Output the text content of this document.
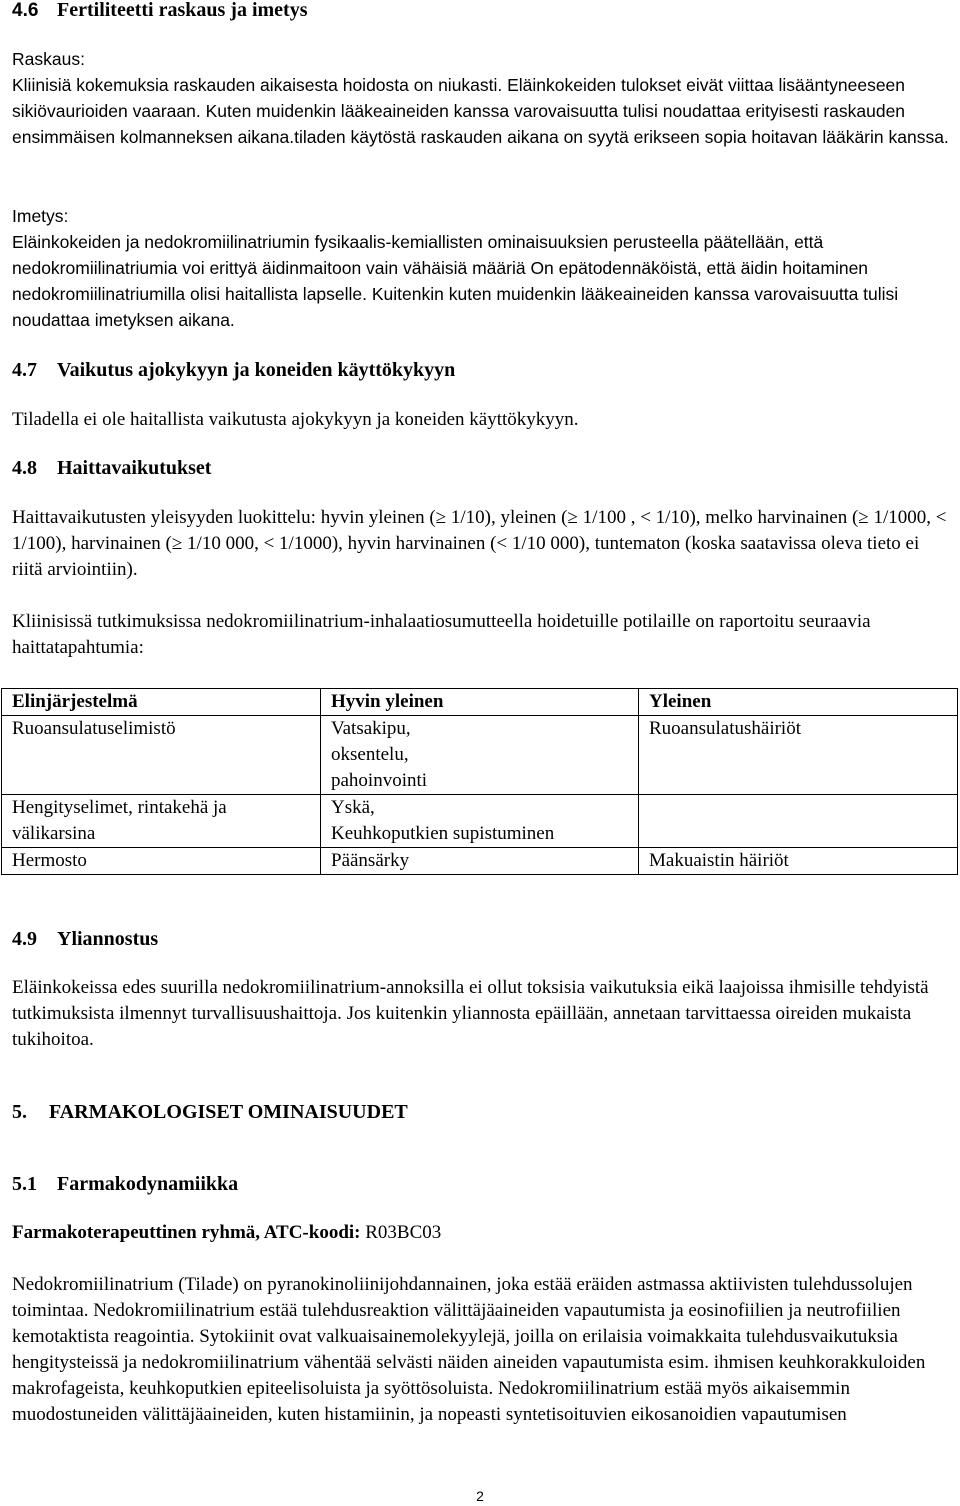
4.6 Fertiliteetti raskaus ja imetys

Raskaus:

Kliinisiä kokemuksia raskauden aikaisesta hoidosta on niukasti. Eläinkokeiden tulokset eivät viittaa lisääntyneeseen sikiövaurioiden vaaraan. Kuten muidenkin lääkeaineiden kanssa varovaisuutta tulisi noudattaa erityisesti raskauden ensimmäisen kolmanneksen aikana.tiladen käytöstä raskauden aikana on syytä erikseen sopia hoitavan lääkärin kanssa.

Imetys:

Eläinkokeiden ja nedokromiilinatriumin fysikaalis-kemiallisten ominaisuuksien perusteella päätellään, että nedokromiilinatriumia voi erittyä äidinmaitoon vain vähäisiä määriä On epätodennäköistä, että äidin hoitaminen nedokromiilinatriumilla olisi haitallista lapselle. Kuitenkin kuten muidenkin lääkeaineiden kanssa varovaisuutta tulisi noudattaa imetyksen aikana.

4.7 Vaikutus ajokykyyn ja koneiden käyttökykyyn

Tiladella ei ole haitallista vaikutusta ajokykyyn ja koneiden käyttökykyyn.

4.8 Haittavaikutukset

Haittavaikutusten yleisyyden luokittelu: hyvin yleinen (≥ 1/10), yleinen (≥ 1/100 , < 1/10), melko harvinainen (≥ 1/1000, < 1/100), harvinainen (≥ 1/10 000, < 1/1000), hyvin harvinainen (< 1/10 000), tuntematon (koska saatavissa oleva tieto ei riitä arviointiin).

Kliinisissä tutkimuksissa nedokromiilinatrium-inhalaatiosumutteella hoidetuille potilaille on raportoitu seuraavia haittatapahtumia:

Elinjärjestelmä	Hyvin yleinen	Yleinen
Ruoansulatuselimistö	Vatsakipu,
oksentelu,
pahoinvointi	Ruoansulatushäiriöt
Hengityselimet, rintakehä ja välikarsina	Yskä,
Keuhkoputkien supistuminen	
Hermosto	Päänsärky	Makuaistin häiriöt
4.9 Yliannostus

Eläinkokeissa edes suurilla nedokromiilinatrium-annoksilla ei ollut toksisia vaikutuksia eikä laajoissa ihmisille tehdyistä tutkimuksista ilmennyt turvallisuushaittoja. Jos kuitenkin yliannosta epäillään, annetaan tarvittaessa oireiden mukaista tukihoitoa.

5. FARMAKOLOGISET OMINAISUUDET
5.1 Farmakodynamiikka

Farmakoterapeuttinen ryhmä, ATC-koodi: R03BC03

Nedokromiilinatrium (Tilade) on pyranokinoliinijohdannainen, joka estää eräiden astmassa aktiivisten tulehdussolujen toimintaa. Nedokromiilinatrium estää tulehdusreaktion välittäjäaineiden vapautumista ja eosinofiilien ja neutrofiilien kemotaktista reagointia. Sytokiinit ovat valkuaisainemolekyylejä, joilla on erilaisia voimakkaita tulehdusvaikutuksia hengitysteissä ja nedokromiilinatrium vähentää selvästi näiden aineiden vapautumista esim. ihmisen keuhkorakkuloiden makrofageista, keuhkoputkien epiteelisoluista ja syöttösoluista. Nedokromiilinatrium estää myös aikaisemmin muodostuneiden välittäjäaineiden, kuten histamiinin, ja nopeasti syntetisoituvien eikosanoidien vapautumisen

2
